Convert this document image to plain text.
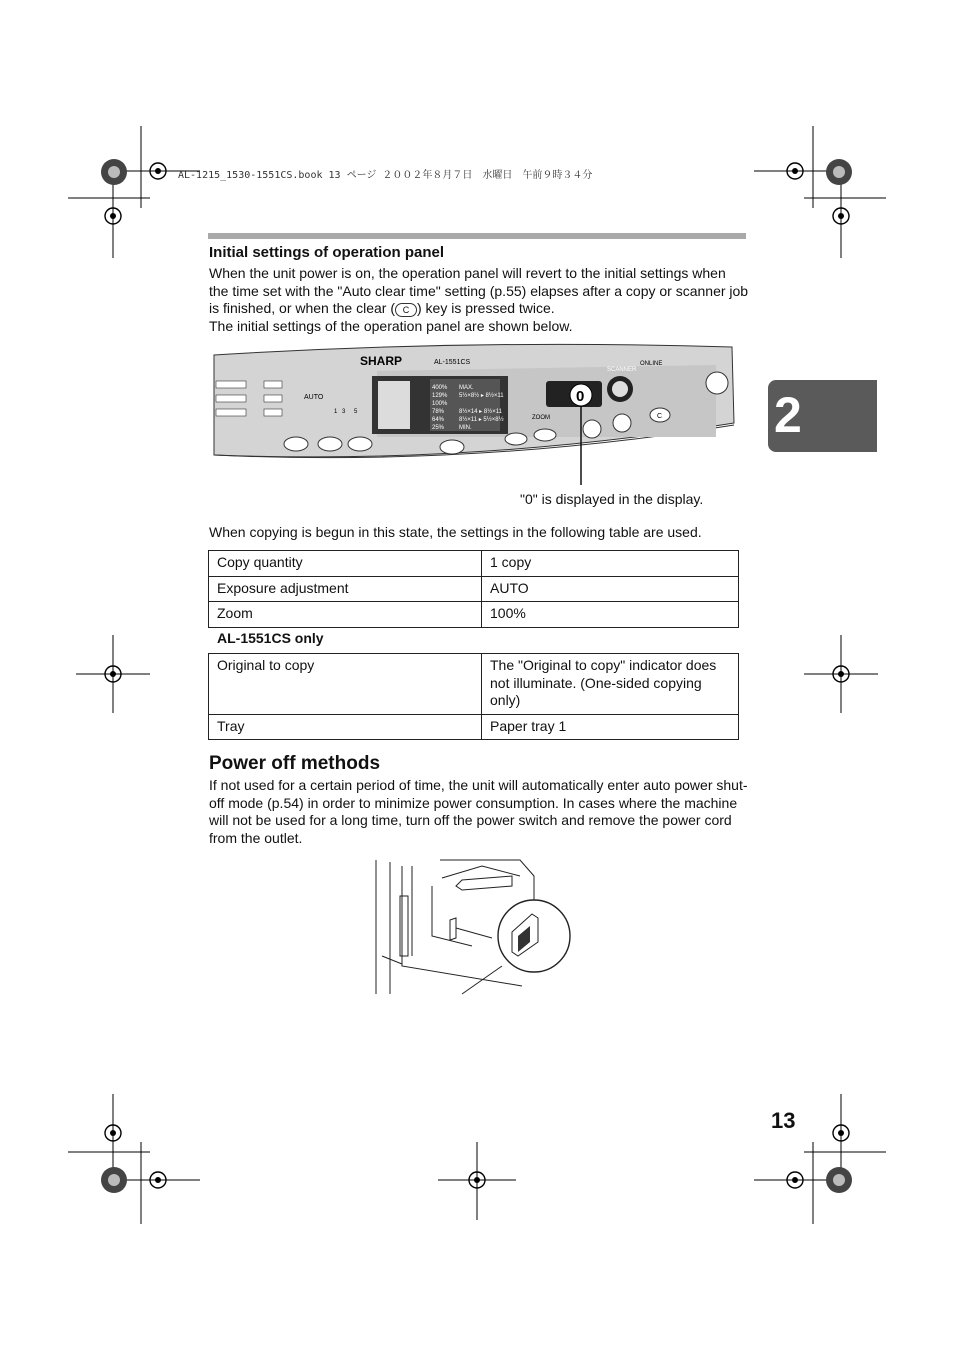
AL-1215_1530-1551CS.book 13 ページ ２００２年８月７日　水曜日　午前９時３４分
Initial settings of operation panel
When the unit power is on, the operation panel will revert to the initial settings when the time set with the "Auto clear time" setting (p.55) elapses after a copy or scanner job is finished, or when the clear ( C ) key is pressed twice.
The initial settings of the operation panel are shown below.
SHARP	AL-1551CS
AUTO
1 3 5
400%
129%
100%
78%
64%
25%
MAX.
5½×8½ ▸ 8½×11
8½×14 ▸ 8½×11
8½×11 ▸ 5½×8½
MIN.
ZOOM
SCANNER
ONLINE
0
C
"0" is displayed in the display.
When copying is begun in this state, the settings in the following table are used.
Copy quantity	1 copy
Exposure adjustment	AUTO
Zoom	100%
AL-1551CS only
Original to copy	The "Original to copy" indicator does not illuminate. (One-sided copying only)
Tray	Paper tray 1
Power off methods
If not used for a certain period of time, the unit will automatically enter auto power shut-off mode (p.54) in order to minimize power consumption. In cases where the machine will not be used for a long time, turn off the power switch and remove the power cord from the outlet.
2
13
